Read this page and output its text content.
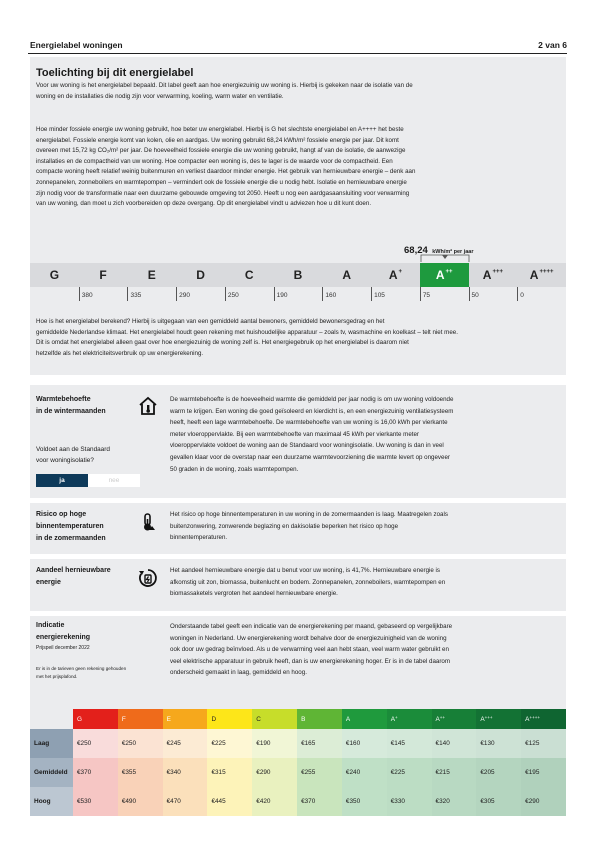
Energielabel woningen	2 van 6
Toelichting bij dit energielabel
Voor uw woning is het energielabel bepaald. Dit label geeft aan hoe energiezuinig uw woning is. Hierbij is gekeken naar de isolatie van de
woning en de installaties die nodig zijn voor verwarming, koeling, warm water en ventilatie.
Hoe minder fossiele energie uw woning gebruikt, hoe beter uw energielabel. Hierbij is G het slechtste energielabel en A++++ het beste
energielabel. Fossiele energie komt van kolen, olie en aardgas. Uw woning gebruikt 68,24 kWh/m² fossiele energie per jaar. Dit komt
overeen met 15,72 kg CO₂/m² per jaar. De hoeveelheid fossiele energie die uw woning gebruikt, hangt af van de isolatie, de aanwezige
installaties en de compactheid van uw woning. Hoe compacter een woning is, des te lager is de waarde voor de compactheid. Een
compacte woning heeft relatief weinig buitenmuren en verliest daardoor minder energie. Het gebruik van hernieuwbare energie – denk aan
zonnepanelen, zonneboilers en warmtepompen – vermindert ook de fossiele energie die u nodig hebt. Isolatie en hernieuwbare energie
zijn nodig voor de transformatie naar een duurzame gebouwde omgeving tot 2050. Heeft u nog een aardgasaansluiting voor verwarming
van uw woning, dan moet u zich voorbereiden op deze overgang. Op dit energielabel vindt u adviezen hoe u dit kunt doen.
68,24 kWh/m² per jaar
G	F	E	D	C	B	A	A+	A++	A+++	A++++
380	335	290	250	190	160	105	75	50	0
Hoe is het energielabel berekend? Hierbij is uitgegaan van een gemiddeld aantal bewoners, gemiddeld bewonersgedrag en het
gemiddelde Nederlandse klimaat. Het energielabel houdt geen rekening met huishoudelijke apparatuur – zoals tv, wasmachine en koelkast – telt niet mee.
Dit is omdat het energielabel alleen gaat over hoe energiezuinig de woning zelf is. Het energiegebruik op het energielabel is daarom niet
hetzelfde als het elektriciteitsverbruik op uw energierekening.
Warmtebehoefte
in de wintermaanden
Voldoet aan de Standaard
voor woningisolatie?
ja	nee
De warmtebehoefte is de hoeveelheid warmte die gemiddeld per jaar nodig is om uw woning voldoende
warm te krijgen. Een woning die goed geïsoleerd en kierdicht is, en een energiezuinig ventilatiesysteem
heeft, heeft een lage warmtebehoefte. De warmtebehoefte van uw woning is 16,00 kWh per vierkante
meter vloeroppervlakte. Bij een warmtebehoefte van maximaal 45 kWh per vierkante meter
vloeroppervlakte voldoet de woning aan de Standaard voor woningisolatie. Uw woning is dan in veel
gevallen klaar voor de overstap naar een duurzame warmtevoorziening die warmte levert op ongeveer
50 graden in de woning, zoals warmtepompen.
Risico op hoge
binnentemperaturen
in de zomermaanden
Het risico op hoge binnentemperaturen in uw woning in de zomermaanden is laag. Maatregelen zoals
buitenzonwering, zonwerende beglazing en dakisolatie beperken het risico op hoge
binnentemperaturen.
Aandeel hernieuwbare
energie
Het aandeel hernieuwbare energie dat u benut voor uw woning, is 41,7%. Hernieuwbare energie is
afkomstig uit zon, biomassa, buitenlucht en bodem. Zonnepanelen, zonneboilers, warmtepompen en
biomassaketels vergroten het aandeel hernieuwbare energie.
Indicatie
energierekening
Prijspeil december 2022
Er is in de tarieven geen rekening gehouden
met het prijsplafond.
Onderstaande tabel geeft een indicatie van de energierekening per maand, gebaseerd op vergelijkbare
woningen in Nederland. Uw energierekening wordt behalve door de energiezuinigheid van de woning
ook door uw gedrag beïnvloed. Als u de verwarming veel aan hebt staan, veel warm water gebruikt en
veel elektrische apparatuur in gebruik heeft, dan is uw energierekening hoger. Er is in de tabel daarom
onderscheid gemaakt in laag, gemiddeld en hoog.
G	F	E	D	C	B	A	A+	A++	A+++	A++++
Laag	€250	€250	€245	€225	€190	€165	€160	€145	€140	€130	€125
Gemiddeld	€370	€355	€340	€315	€290	€255	€240	€225	€215	€205	€195
Hoog	€530	€490	€470	€445	€420	€370	€350	€330	€320	€305	€290
